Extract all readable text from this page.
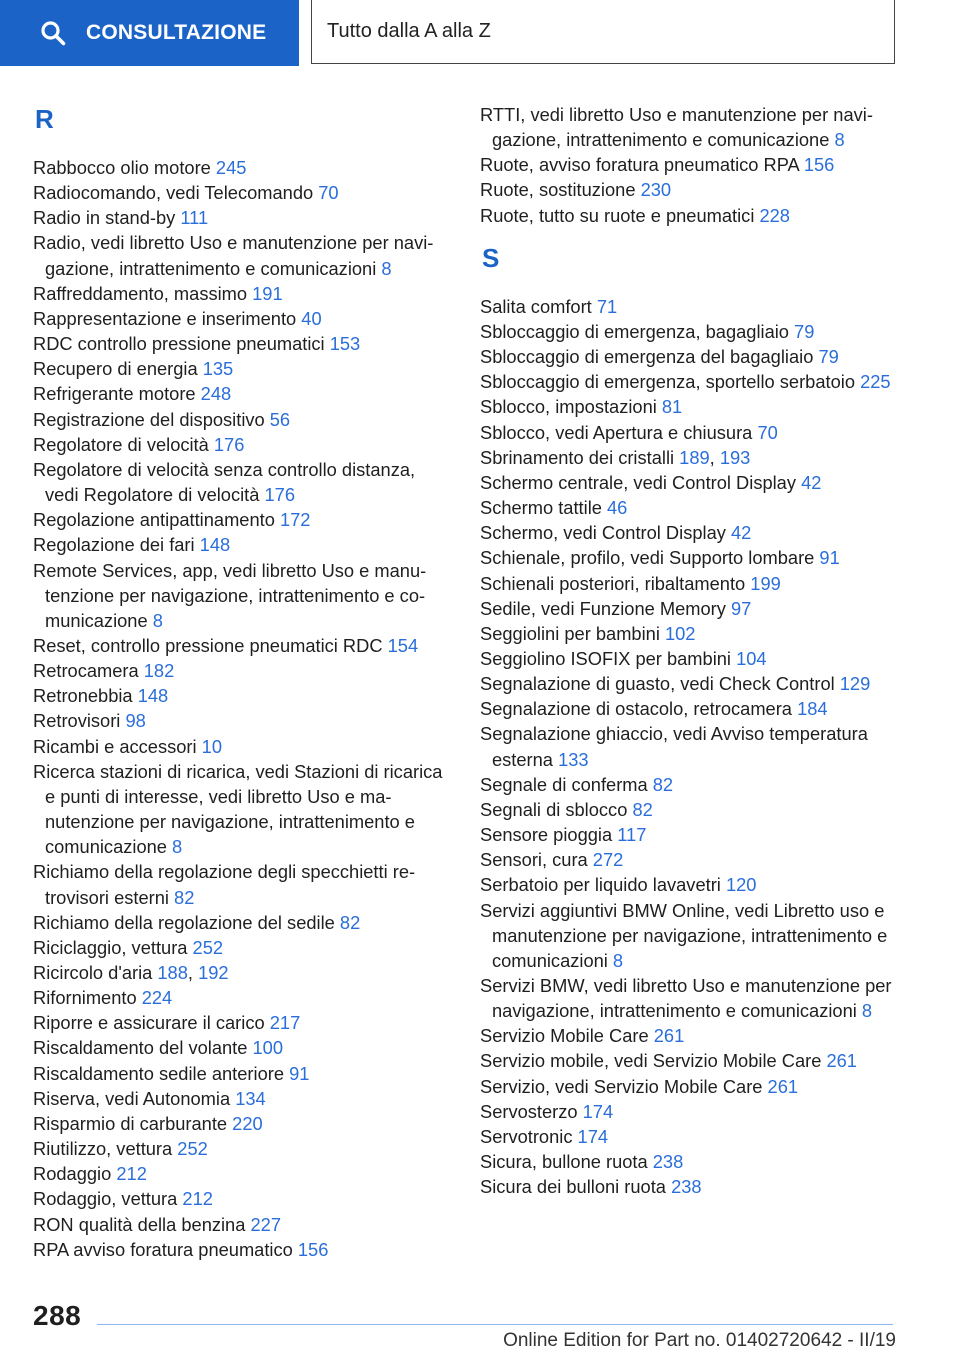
CONSULTAZIONE	Tutto dalla A alla Z
R
Rabbocco olio motore 245
Radiocomando, vedi Telecomando 70
Radio in stand-by 111
Radio, vedi libretto Uso e manutenzione per navigazione, intrattenimento e comunicazioni 8
Raffreddamento, massimo 191
Rappresentazione e inserimento 40
RDC controllo pressione pneumatici 153
Recupero di energia 135
Refrigerante motore 248
Registrazione del dispositivo 56
Regolatore di velocità 176
Regolatore di velocità senza controllo distanza, vedi Regolatore di velocità 176
Regolazione antipattinamento 172
Regolazione dei fari 148
Remote Services, app, vedi libretto Uso e manutenzione per navigazione, intrattenimento e comunicazione 8
Reset, controllo pressione pneumatici RDC 154
Retrocamera 182
Retronebbia 148
Retrovisori 98
Ricambi e accessori 10
Ricerca stazioni di ricarica, vedi Stazioni di ricarica e punti di interesse, vedi libretto Uso e manutenzione per navigazione, intrattenimento e comunicazione 8
Richiamo della regolazione degli specchietti retrovisori esterni 82
Richiamo della regolazione del sedile 82
Riciclaggio, vettura 252
Ricircolo d'aria 188, 192
Rifornimento 224
Riporre e assicurare il carico 217
Riscaldamento del volante 100
Riscaldamento sedile anteriore 91
Riserva, vedi Autonomia 134
Risparmio di carburante 220
Riutilizzo, vettura 252
Rodaggio 212
Rodaggio, vettura 212
RON qualità della benzina 227
RPA avviso foratura pneumatico 156
RTTI, vedi libretto Uso e manutenzione per navigazione, intrattenimento e comunicazione 8
Ruote, avviso foratura pneumatico RPA 156
Ruote, sostituzione 230
Ruote, tutto su ruote e pneumatici 228
S
Salita comfort 71
Sbloccaggio di emergenza, bagagliaio 79
Sbloccaggio di emergenza del bagagliaio 79
Sbloccaggio di emergenza, sportello serbatoio 225
Sblocco, impostazioni 81
Sblocco, vedi Apertura e chiusura 70
Sbrinamento dei cristalli 189, 193
Schermo centrale, vedi Control Display 42
Schermo tattile 46
Schermo, vedi Control Display 42
Schienale, profilo, vedi Supporto lombare 91
Schienali posteriori, ribaltamento 199
Sedile, vedi Funzione Memory 97
Seggiolini per bambini 102
Seggiolino ISOFIX per bambini 104
Segnalazione di guasto, vedi Check Control 129
Segnalazione di ostacolo, retrocamera 184
Segnalazione ghiaccio, vedi Avviso temperatura esterna 133
Segnale di conferma 82
Segnali di sblocco 82
Sensore pioggia 117
Sensori, cura 272
Serbatoio per liquido lavavetri 120
Servizi aggiuntivi BMW Online, vedi Libretto uso e manutenzione per navigazione, intrattenimento e comunicazioni 8
Servizi BMW, vedi libretto Uso e manutenzione per navigazione, intrattenimento e comunicazioni 8
Servizio Mobile Care 261
Servizio mobile, vedi Servizio Mobile Care 261
Servizio, vedi Servizio Mobile Care 261
Servosterzo 174
Servotronic 174
Sicura, bullone ruota 238
Sicura dei bulloni ruota 238
288
Online Edition for Part no. 01402720642 - II/19
